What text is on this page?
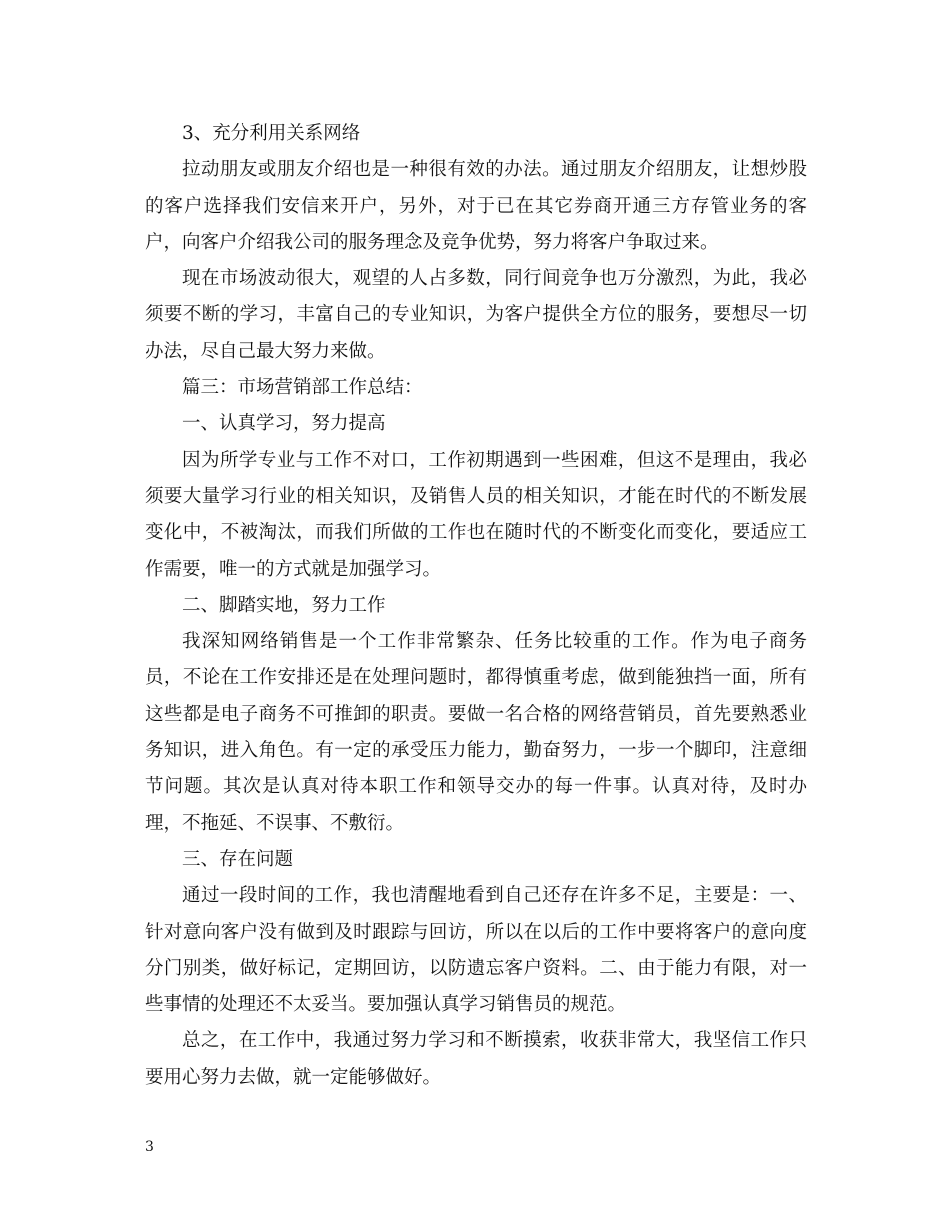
3、充分利用关系网络

拉动朋友或朋友介绍也是一种很有效的办法。通过朋友介绍朋友，让想炒股的客户选择我们安信来开户，另外，对于已在其它券商开通三方存管业务的客户，向客户介绍我公司的服务理念及竞争优势，努力将客户争取过来。

现在市场波动很大，观望的人占多数，同行间竞争也万分激烈，为此，我必须要不断的学习，丰富自己的专业知识，为客户提供全方位的服务，要想尽一切办法，尽自己最大努力来做。

篇三：市场营销部工作总结：

一、认真学习，努力提高

因为所学专业与工作不对口，工作初期遇到一些困难，但这不是理由，我必须要大量学习行业的相关知识，及销售人员的相关知识，才能在时代的不断发展变化中，不被淘汰，而我们所做的工作也在随时代的不断变化而变化，要适应工作需要，唯一的方式就是加强学习。

二、脚踏实地，努力工作

我深知网络销售是一个工作非常繁杂、任务比较重的工作。作为电子商务员，不论在工作安排还是在处理问题时，都得慎重考虑，做到能独挡一面，所有这些都是电子商务不可推卸的职责。要做一名合格的网络营销员，首先要熟悉业务知识，进入角色。有一定的承受压力能力，勤奋努力，一步一个脚印，注意细节问题。其次是认真对待本职工作和领导交办的每一件事。认真对待，及时办理，不拖延、不误事、不敷衍。

三、存在问题

通过一段时间的工作，我也清醒地看到自己还存在许多不足，主要是：一、针对意向客户没有做到及时跟踪与回访，所以在以后的工作中要将客户的意向度分门别类，做好标记，定期回访，以防遗忘客户资料。二、由于能力有限，对一些事情的处理还不太妥当。要加强认真学习销售员的规范。

总之，在工作中，我通过努力学习和不断摸索，收获非常大，我坚信工作只要用心努力去做，就一定能够做好。

3
